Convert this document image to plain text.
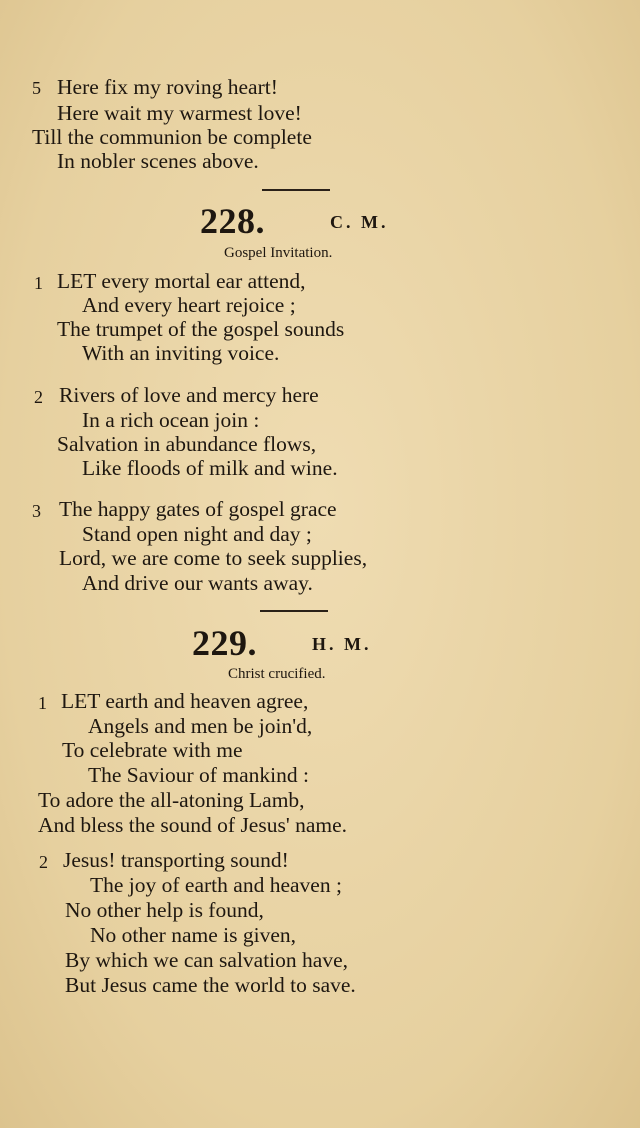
5 Here fix my roving heart!
Here wait my warmest love!
Till the communion be complete
In nobler scenes above.
228.	C. M.
Gospel Invitation.
1 LET every mortal ear attend,
And every heart rejoice ;
The trumpet of the gospel sounds
With an inviting voice.
2 Rivers of love and mercy here
In a rich ocean join :
Salvation in abundance flows,
Like floods of milk and wine.
3 The happy gates of gospel grace
Stand open night and day ;
Lord, we are come to seek supplies,
And drive our wants away.
229.	H. M.
Christ crucified.
1 LET earth and heaven agree,
Angels and men be join'd,
To celebrate with me
The Saviour of mankind :
To adore the all-atoning Lamb,
And bless the sound of Jesus' name.
2 Jesus! transporting sound!
The joy of earth and heaven ;
No other help is found,
No other name is given,
By which we can salvation have,
But Jesus came the world to save.
